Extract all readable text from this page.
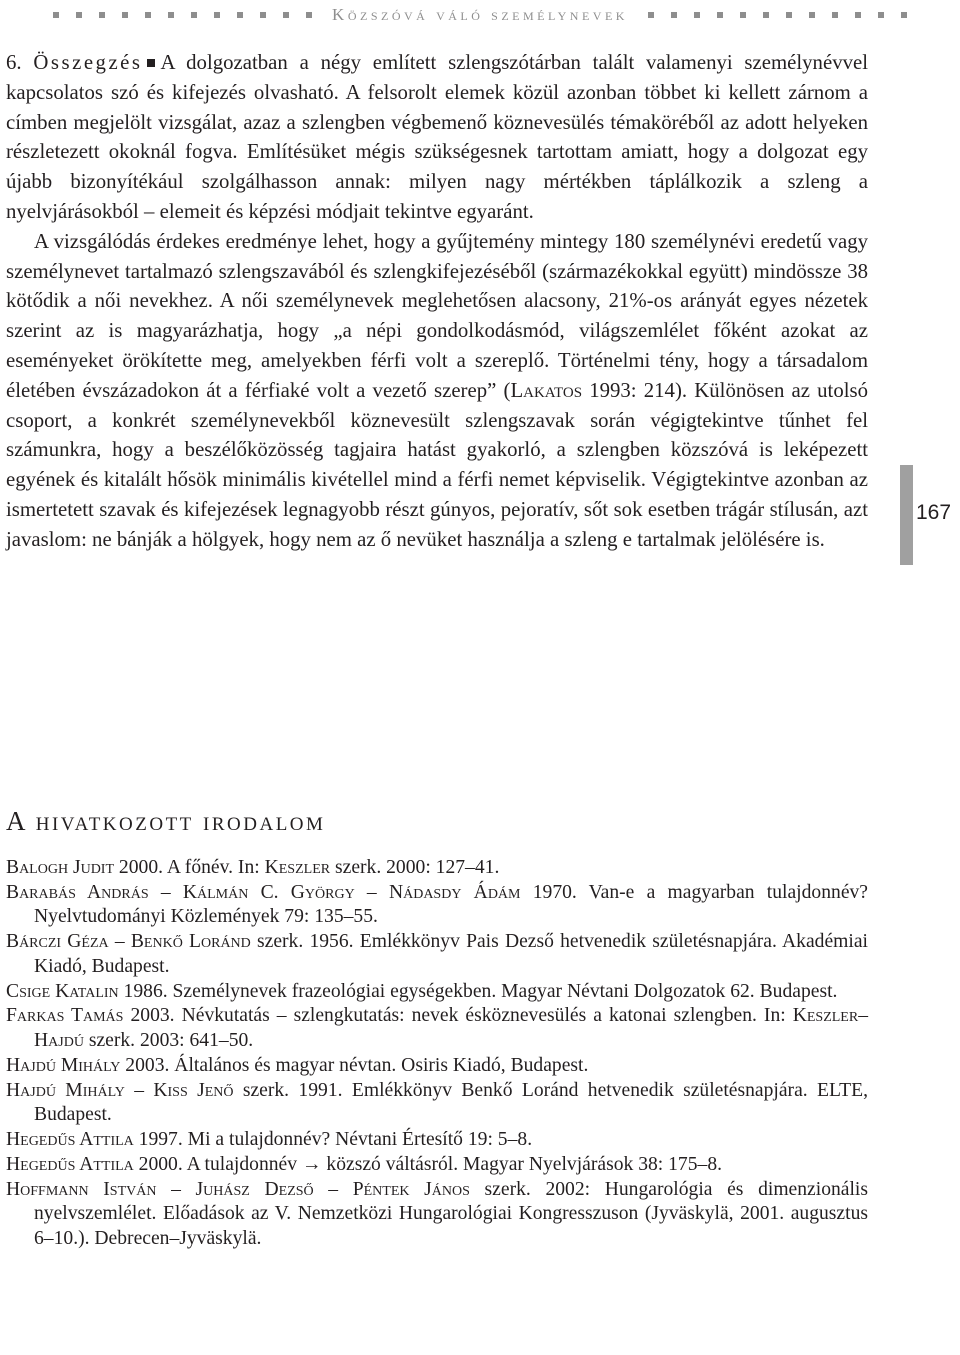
Közszóvá váló személynevek

6. Összegzés A dolgozatban a négy említett szlengszótárban talált valamenyi személynévvel kapcsolatos szó és kifejezés olvasható. A felsorolt elemek közül azonban többet ki kellett zárnom a címben megjelölt vizsgálat, azaz a szlengben végbemenő köznevesülés témaköréből az adott helyeken részletezett okoknál fogva. Említésüket mégis szükségesnek tartottam amiatt, hogy a dolgozat egy újabb bizonyítékául szolgálhasson annak: milyen nagy mértékben táplálkozik a szleng a nyelvjárásokból – elemeit és képzési módjait tekintve egyaránt.

A vizsgálódás érdekes eredménye lehet, hogy a gyűjtemény mintegy 180 személynévi eredetű vagy személynevet tartalmazó szlengszavából és szlengkifejezéséből (származékokkal együtt) mindössze 38 kötődik a női nevekhez. A női személynevek meglehetősen alacsony, 21%-os arányát egyes nézetek szerint az is magyarázhatja, hogy „a népi gondolkodásmód, világszemlélet főként azokat az eseményeket örökítette meg, amelyekben férfi volt a szereplő. Történelmi tény, hogy a társadalom életében évszázadokon át a férfiaké volt a vezető szerep” (Lakatos 1993: 214). Különösen az utolsó csoport, a konkrét személynevekből köznevesült szlengszavak során végigtekintve tűnhet fel számunkra, hogy a beszélőközösség tagjaira hatást gyakorló, a szlengben közszóvá is leképezett egyének és kitalált hősök minimális kivétellel mind a férfi nemet képviselik. Végigtekintve azonban az ismertetett szavak és kifejezések legnagyobb részt gúnyos, pejoratív, sőt sok esetben trágár stílusán, azt javaslom: ne bánják a hölgyek, hogy nem az ő nevüket használja a szleng e tartalmak jelölésére is.

167
A hivatkozott irodalom

Balogh Judit 2000. A főnév. In: Keszler szerk. 2000: 127–41.

Barabás András – Kálmán C. György – Nádasdy Ádám 1970. Van-e a magyarban tulajdonnév? Nyelvtudományi Közlemények 79: 135–55.

Bárczi Géza – Benkő Loránd szerk. 1956. Emlékkönyv Pais Dezső hetvenedik születésnapjára. Akadémiai Kiadó, Budapest.

Csige Katalin 1986. Személynevek frazeológiai egységekben. Magyar Névtani Dolgozatok 62. Budapest.

Farkas Tamás 2003. Névkutatás – szlengkutatás: nevek ésköznevesülés a katonai szlengben. In: Keszler–Hajdú szerk. 2003: 641–50.

Hajdú Mihály 2003. Általános és magyar névtan. Osiris Kiadó, Budapest.

Hajdú Mihály – Kiss Jenő szerk. 1991. Emlékkönyv Benkő Loránd hetvenedik születésnapjára. ELTE, Budapest.

Hegedűs Attila 1997. Mi a tulajdonnév? Névtani Értesítő 19: 5–8.

Hegedűs Attila 2000. A tulajdonnév → közszó váltásról. Magyar Nyelvjárások 38: 175–8.

Hoffmann István – Juhász Dezső – Péntek János szerk. 2002: Hungarológia és dimenzionális nyelvszemlélet. Előadások az V. Nemzetközi Hungarológiai Kongresszuson (Jyväskylä, 2001. augusztus 6–10.). Debrecen–Jyväskylä.
